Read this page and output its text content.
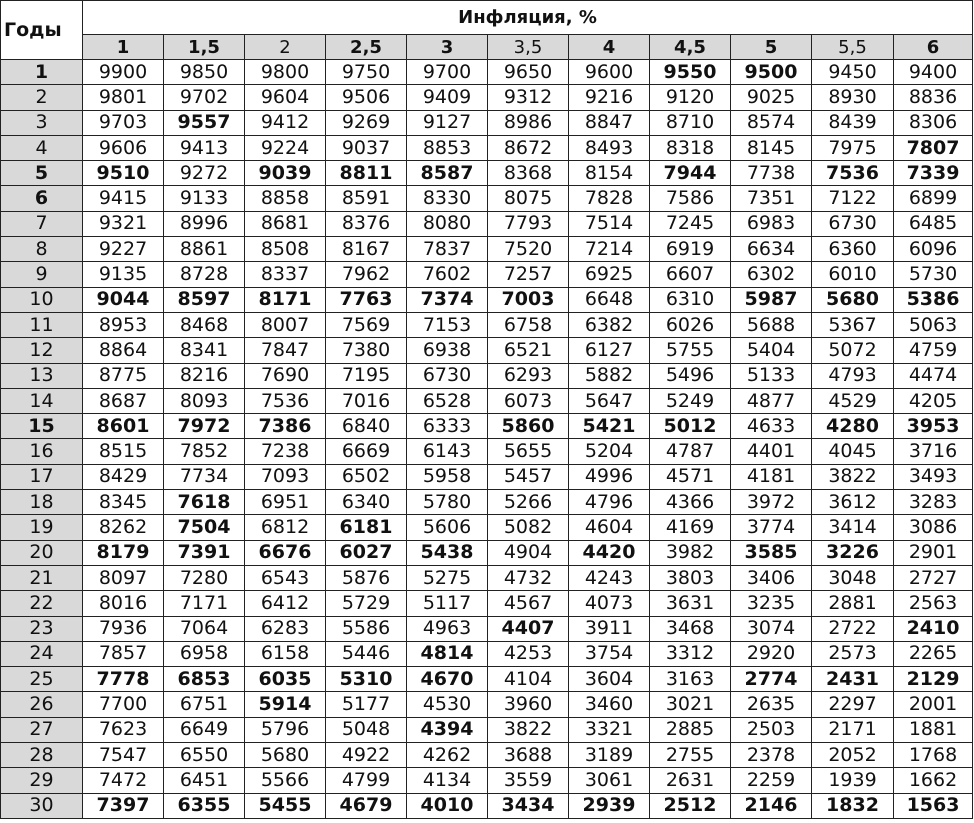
Годы	Инфляция, %										
	1	1,5	2	2,5	3	3,5	4	4,5	5	5,5	6
1	9900	9850	9800	9750	9700	9650	9600	9550	9500	9450	9400
2	9801	9702	9604	9506	9409	9312	9216	9120	9025	8930	8836
3	9703	9557	9412	9269	9127	8986	8847	8710	8574	8439	8306
4	9606	9413	9224	9037	8853	8672	8493	8318	8145	7975	7807
5	9510	9272	9039	8811	8587	8368	8154	7944	7738	7536	7339
6	9415	9133	8858	8591	8330	8075	7828	7586	7351	7122	6899
7	9321	8996	8681	8376	8080	7793	7514	7245	6983	6730	6485
8	9227	8861	8508	8167	7837	7520	7214	6919	6634	6360	6096
9	9135	8728	8337	7962	7602	7257	6925	6607	6302	6010	5730
10	9044	8597	8171	7763	7374	7003	6648	6310	5987	5680	5386
11	8953	8468	8007	7569	7153	6758	6382	6026	5688	5367	5063
12	8864	8341	7847	7380	6938	6521	6127	5755	5404	5072	4759
13	8775	8216	7690	7195	6730	6293	5882	5496	5133	4793	4474
14	8687	8093	7536	7016	6528	6073	5647	5249	4877	4529	4205
15	8601	7972	7386	6840	6333	5860	5421	5012	4633	4280	3953
16	8515	7852	7238	6669	6143	5655	5204	4787	4401	4045	3716
17	8429	7734	7093	6502	5958	5457	4996	4571	4181	3822	3493
18	8345	7618	6951	6340	5780	5266	4796	4366	3972	3612	3283
19	8262	7504	6812	6181	5606	5082	4604	4169	3774	3414	3086
20	8179	7391	6676	6027	5438	4904	4420	3982	3585	3226	2901
21	8097	7280	6543	5876	5275	4732	4243	3803	3406	3048	2727
22	8016	7171	6412	5729	5117	4567	4073	3631	3235	2881	2563
23	7936	7064	6283	5586	4963	4407	3911	3468	3074	2722	2410
24	7857	6958	6158	5446	4814	4253	3754	3312	2920	2573	2265
25	7778	6853	6035	5310	4670	4104	3604	3163	2774	2431	2129
26	7700	6751	5914	5177	4530	3960	3460	3021	2635	2297	2001
27	7623	6649	5796	5048	4394	3822	3321	2885	2503	2171	1881
28	7547	6550	5680	4922	4262	3688	3189	2755	2378	2052	1768
29	7472	6451	5566	4799	4134	3559	3061	2631	2259	1939	1662
30	7397	6355	5455	4679	4010	3434	2939	2512	2146	1832	1563
